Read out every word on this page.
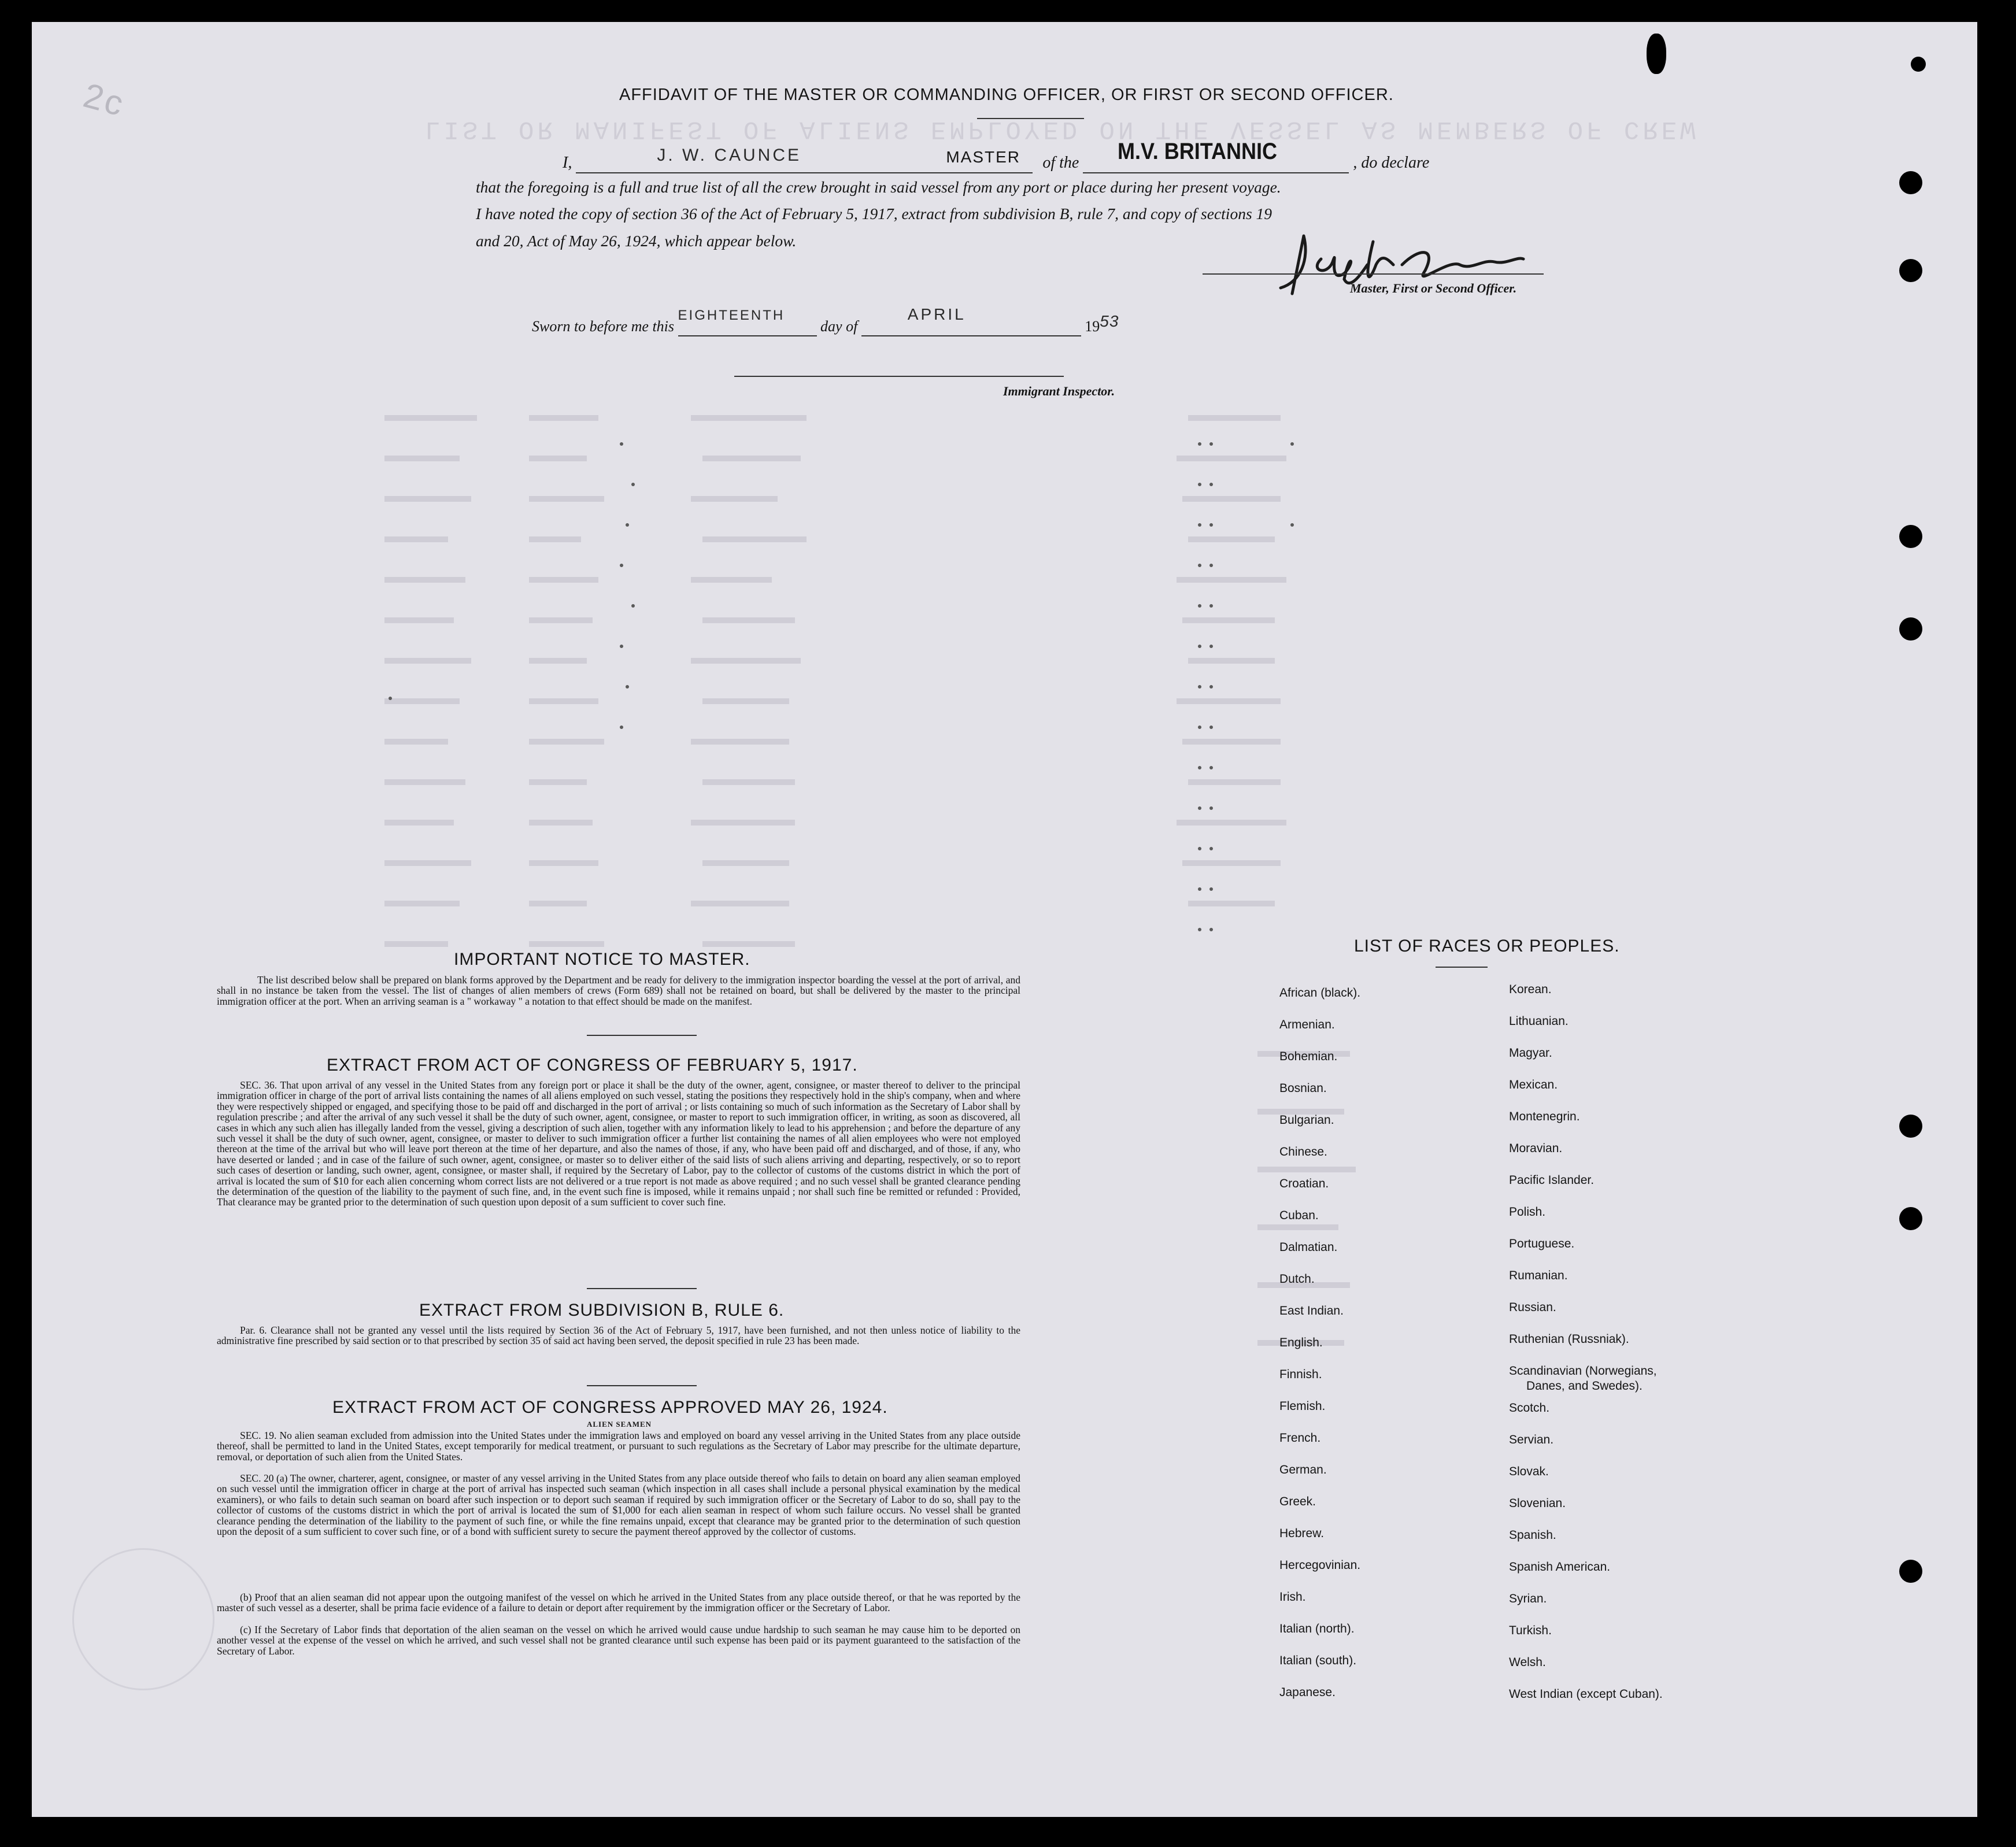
LIST OR MANIFEST OF ALIENS EMPLOYED ON THE VESSEL AS MEMBERS OF CREW
2c	AFFIDAVIT OF THE MASTER OR COMMANDING OFFICER, OR FIRST OR SECOND OFFICER.
I,	J. W. CAUNCE	MASTER of the M.V. BRITANNIC	, do declare
that the foregoing is a full and true list of all the crew brought in said vessel from any port or place during her present voyage.
I have noted the copy of section 36 of the Act of February 5, 1917, extract from subdivision B, rule 7, and copy of sections 19
and 20, Act of May 26, 1924, which appear below.
Master, First or Second Officer.
Sworn to before me this
EIGHTEENTH
day of
APRIL
1953
Immigrant Inspector.
IMPORTANT NOTICE TO MASTER.
The list described below shall be prepared on blank forms approved by the Department and be ready for delivery to the immigration inspector boarding the vessel at the port of arrival, and shall in no instance be taken from the vessel. The list of changes of alien members of crews (Form 689) shall not be retained on board, but shall be delivered by the master to the principal immigration officer at the port. When an arriving seaman is a " workaway " a notation to that effect should be made on the manifest.
EXTRACT FROM ACT OF CONGRESS OF FEBRUARY 5, 1917.
SEC. 36. That upon arrival of any vessel in the United States from any foreign port or place it shall be the duty of the owner, agent, consignee, or master thereof to deliver to the principal immigration officer in charge of the port of arrival lists containing the names of all aliens employed on such vessel, stating the positions they respectively hold in the ship's company, when and where they were respectively shipped or engaged, and specifying those to be paid off and discharged in the port of arrival ; or lists containing so much of such information as the Secretary of Labor shall by regulation prescribe ; and after the arrival of any such vessel it shall be the duty of such owner, agent, consignee, or master to report to such immigration officer, in writing, as soon as discovered, all cases in which any such alien has illegally landed from the vessel, giving a description of such alien, together with any information likely to lead to his apprehension ; and before the departure of any such vessel it shall be the duty of such owner, agent, consignee, or master to deliver to such immigration officer a further list containing the names of all alien employees who were not employed thereon at the time of the arrival but who will leave port thereon at the time of her departure, and also the names of those, if any, who have been paid off and discharged, and of those, if any, who have deserted or landed ; and in case of the failure of such owner, agent, consignee, or master so to deliver either of the said lists of such aliens arriving and departing, respectively, or so to report such cases of desertion or landing, such owner, agent, consignee, or master shall, if required by the Secretary of Labor, pay to the collector of customs of the customs district in which the port of arrival is located the sum of $10 for each alien concerning whom correct lists are not delivered or a true report is not made as above required ; and no such vessel shall be granted clearance pending the determination of the question of the liability to the payment of such fine, and, in the event such fine is imposed, while it remains unpaid ; nor shall such fine be remitted or refunded : Provided, That clearance may be granted prior to the determination of such question upon deposit of a sum sufficient to cover such fine.
EXTRACT FROM SUBDIVISION B, RULE 6.
Par. 6. Clearance shall not be granted any vessel until the lists required by Section 36 of the Act of February 5, 1917, have been furnished, and not then unless notice of liability to the administrative fine prescribed by said section or to that prescribed by section 35 of said act having been served, the deposit specified in rule 23 has been made.
EXTRACT FROM ACT OF CONGRESS APPROVED MAY 26, 1924.
ALIEN SEAMEN
SEC. 19. No alien seaman excluded from admission into the United States under the immigration laws and employed on board any vessel arriving in the United States from any place outside thereof, shall be permitted to land in the United States, except temporarily for medical treatment, or pursuant to such regulations as the Secretary of Labor may prescribe for the ultimate departure, removal, or deportation of such alien from the United States.
SEC. 20 (a) The owner, charterer, agent, consignee, or master of any vessel arriving in the United States from any place outside thereof who fails to detain on board any alien seaman employed on such vessel until the immigration officer in charge at the port of arrival has inspected such seaman (which inspection in all cases shall include a personal physical examination by the medical examiners), or who fails to detain such seaman on board after such inspection or to deport such seaman if required by such immigration officer or the Secretary of Labor to do so, shall pay to the collector of customs of the customs district in which the port of arrival is located the sum of $1,000 for each alien seaman in respect of whom such failure occurs. No vessel shall be granted clearance pending the determination of the liability to the payment of such fine, or while the fine remains unpaid, except that clearance may be granted prior to the determination of such question upon the deposit of a sum sufficient to cover such fine, or of a bond with sufficient surety to secure the payment thereof approved by the collector of customs.
(b) Proof that an alien seaman did not appear upon the outgoing manifest of the vessel on which he arrived in the United States from any place outside thereof, or that he was reported by the master of such vessel as a deserter, shall be prima facie evidence of a failure to detain or deport after requirement by the immigration officer or the Secretary of Labor.
(c) If the Secretary of Labor finds that deportation of the alien seaman on the vessel on which he arrived would cause undue hardship to such seaman he may cause him to be deported on another vessel at the expense of the vessel on which he arrived, and such vessel shall not be granted clearance until such expense has been paid or its payment guaranteed to the satisfaction of the Secretary of Labor.
LIST OF RACES OR PEOPLES.
African (black).
Armenian.
Bohemian.
Bosnian.
Bulgarian.
Chinese.
Croatian.
Cuban.
Dalmatian.
Dutch.
East Indian.
English.
Finnish.
Flemish.
French.
German.
Greek.
Hebrew.
Hercegovinian.
Irish.
Italian (north).
Italian (south).
Japanese.
Korean.
Lithuanian.
Magyar.
Mexican.
Montenegrin.
Moravian.
Pacific Islander.
Polish.
Portuguese.
Rumanian.
Russian.
Ruthenian (Russniak).
Scandinavian (Norwegians,
Danes, and Swedes).
Scotch.
Servian.
Slovak.
Slovenian.
Spanish.
Spanish American.
Syrian.
Turkish.
Welsh.
West Indian (except Cuban).
